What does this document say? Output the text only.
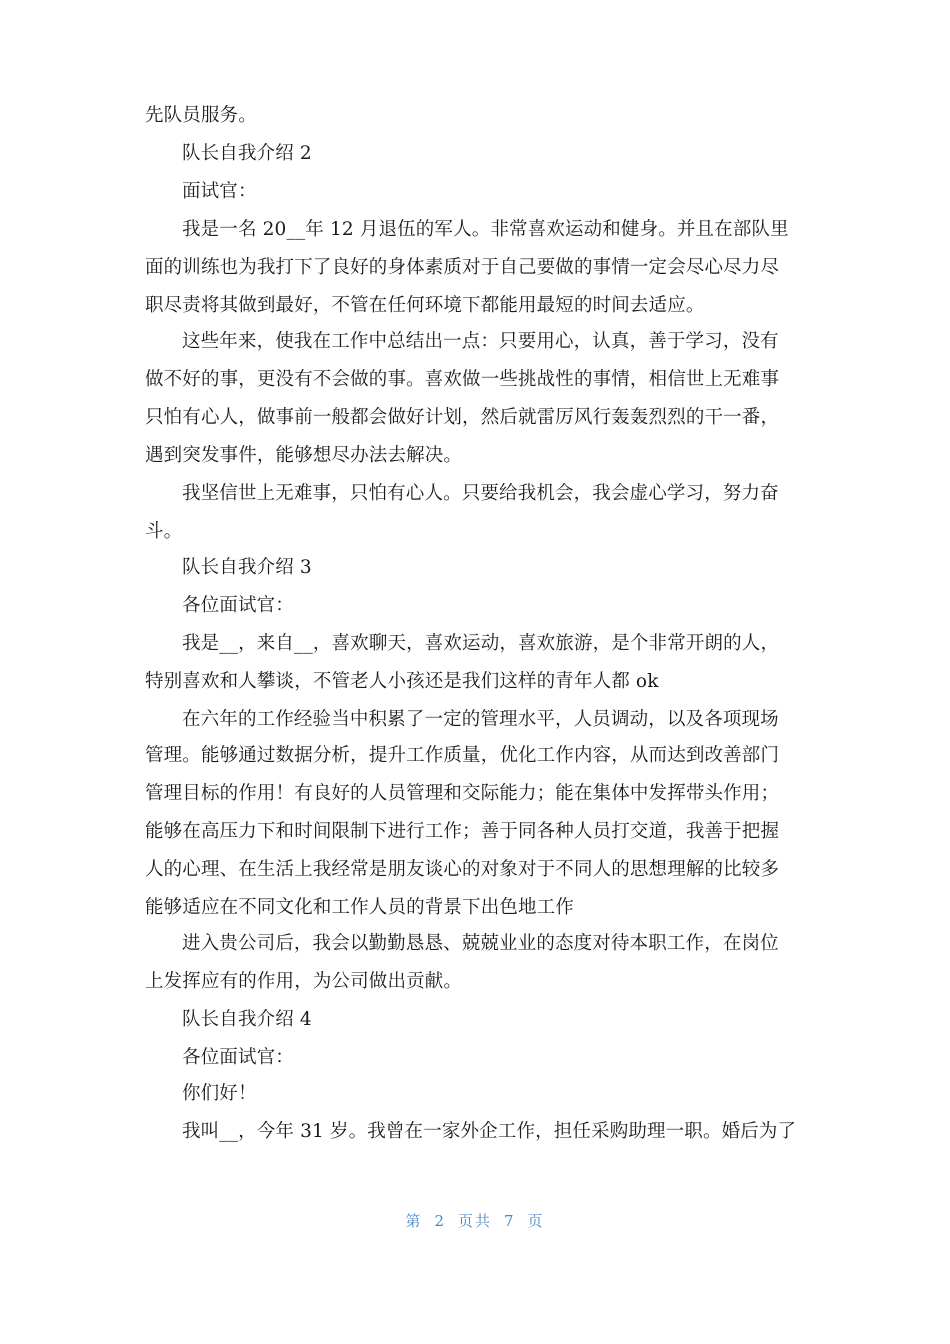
先队员服务。
队长自我介绍 2
面试官：
我是一名 20__年 12 月退伍的军人。非常喜欢运动和健身。并且在部队里
面的训练也为我打下了良好的身体素质对于自己要做的事情一定会尽心尽力尽
职尽责将其做到最好，不管在任何环境下都能用最短的时间去适应。
这些年来，使我在工作中总结出一点：只要用心，认真，善于学习，没有
做不好的事，更没有不会做的事。喜欢做一些挑战性的事情，相信世上无难事
只怕有心人，做事前一般都会做好计划，然后就雷厉风行轰轰烈烈的干一番，
遇到突发事件，能够想尽办法去解决。
我坚信世上无难事，只怕有心人。只要给我机会，我会虚心学习，努力奋
斗。
队长自我介绍 3
各位面试官：
我是__，来自__，喜欢聊天，喜欢运动，喜欢旅游，是个非常开朗的人，
特别喜欢和人攀谈，不管老人小孩还是我们这样的青年人都 ok
在六年的工作经验当中积累了一定的管理水平，人员调动，以及各项现场
管理。能够通过数据分析，提升工作质量，优化工作内容，从而达到改善部门
管理目标的作用！有良好的人员管理和交际能力；能在集体中发挥带头作用；
能够在高压力下和时间限制下进行工作；善于同各种人员打交道，我善于把握
人的心理、在生活上我经常是朋友谈心的对象对于不同人的思想理解的比较多
能够适应在不同文化和工作人员的背景下出色地工作
进入贵公司后，我会以勤勤恳恳、兢兢业业的态度对待本职工作，在岗位
上发挥应有的作用，为公司做出贡献。
队长自我介绍 4
各位面试官：
你们好！
我叫__，今年 31 岁。我曾在一家外企工作，担任采购助理一职。婚后为了
第 2 页共 7 页
